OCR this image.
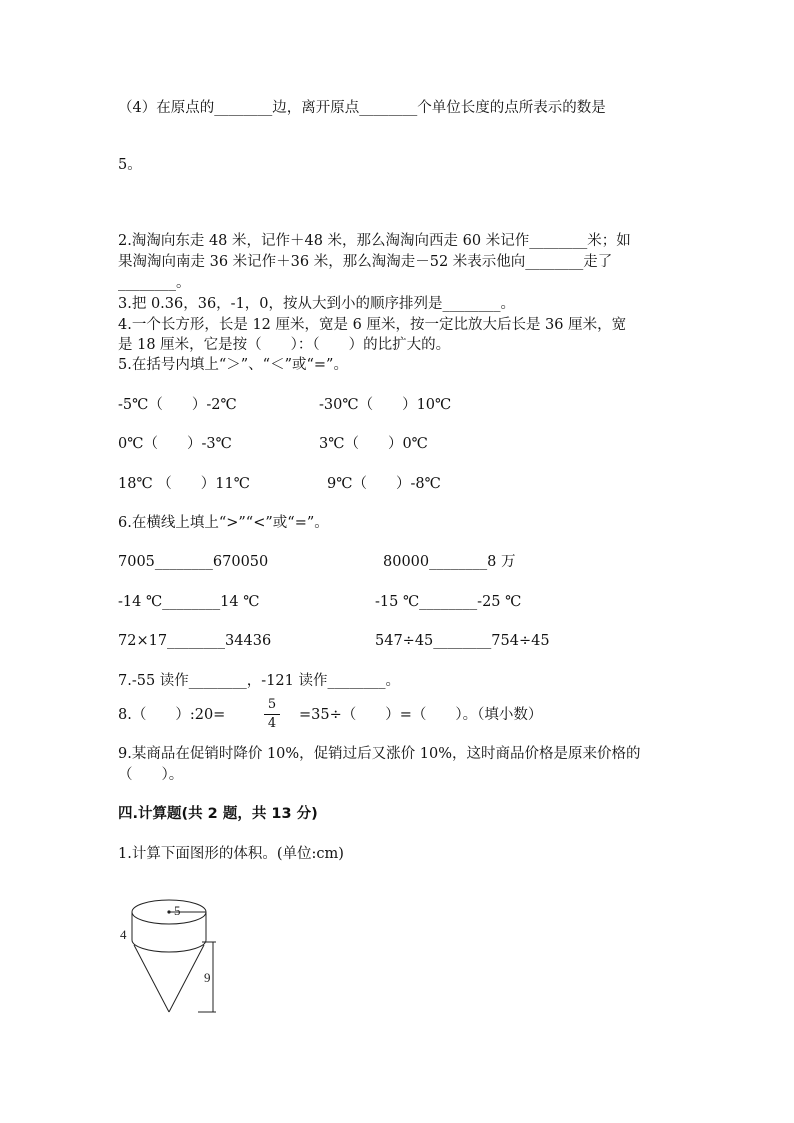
（4）在原点的________边，离开原点________个单位长度的点所表示的数是
5。
2.淘淘向东走 48 米，记作＋48 米，那么淘淘向西走 60 米记作________米；如
果淘淘向南走 36 米记作＋36 米，那么淘淘走－52 米表示他向________走了
________。
3.把 0.36，36，-1，0，按从大到小的顺序排列是________。
4.一个长方形，长是 12 厘米，宽是 6 厘米，按一定比放大后长是 36 厘米，宽
是 18 厘米，它是按（　　）：（　　）的比扩大的。
5.在括号内填上“＞”、“＜”或“=”。
-5℃（　　）-2℃	-30℃（　　）10℃
0℃（　　）-3℃	3℃（　　）0℃
18℃ （　　）11℃	9℃（　　）-8℃
6.在横线上填上“>”“<”或“=”。
7005________670050	80000________8 万
-14 ℃________14 ℃	-15 ℃________-25 ℃
72×17________34436	547÷45________754÷45
7.-55 读作________，-121 读作________。
8.（　　）:20=
5
4
=35÷（　　）=（　　）。（填小数）
9.某商品在促销时降价 10%，促销过后又涨价 10%，这时商品价格是原来价格的
（　　）。
四.计算题(共 2 题，共 13 分)
1.计算下面图形的体积。(单位:cm)
5
4
9
